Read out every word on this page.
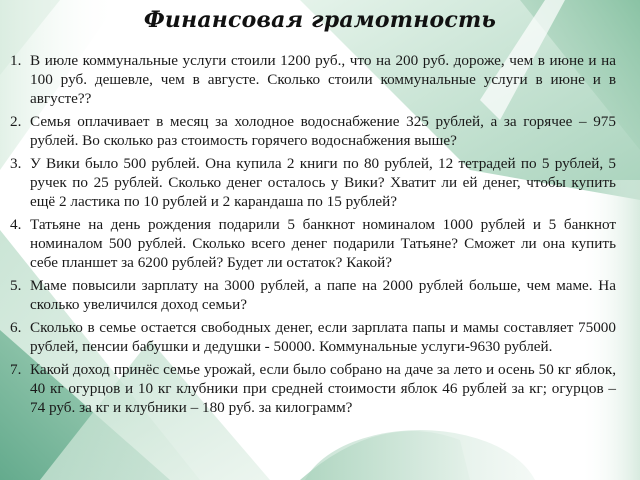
Финансовая грамотность
1. В июле коммунальные услуги стоили 1200 руб., что на 200 руб. дороже, чем в июне и на 100 руб. дешевле, чем в августе. Сколько стоили коммунальные услуги в июне и в августе??
2. Семья оплачивает в месяц за холодное водоснабжение 325 рублей, а за горячее – 975 рублей. Во сколько раз стоимость горячего водоснабжения выше?
3. У Вики было 500 рублей. Она купила 2 книги по 80 рублей, 12 тетрадей по 5 рублей, 5 ручек по 25 рублей. Сколько денег осталось у Вики? Хватит ли ей денег, чтобы купить ещё 2 ластика по 10 рублей и 2 карандаша по 15 рублей?
4. Татьяне на день рождения подарили 5 банкнот номиналом 1000 рублей и 5 банкнот номиналом 500 рублей. Сколько всего денег подарили Татьяне? Сможет ли она купить себе планшет за 6200 рублей? Будет ли остаток? Какой?
5. Маме повысили зарплату на 3000 рублей, а папе на 2000 рублей больше, чем маме. На сколько увеличился доход семьи?
6. Сколько в семье остается свободных денег, если зарплата папы и мамы составляет 75000 рублей, пенсии бабушки и дедушки - 50000. Коммунальные услуги-9630 рублей.
7. Какой доход принёс семье урожай, если было собрано на даче за лето и осень 50 кг яблок, 40 кг огурцов и 10 кг клубники при средней стоимости яблок 46 рублей за кг; огурцов – 74 руб. за кг и клубники – 180 руб. за килограмм?
